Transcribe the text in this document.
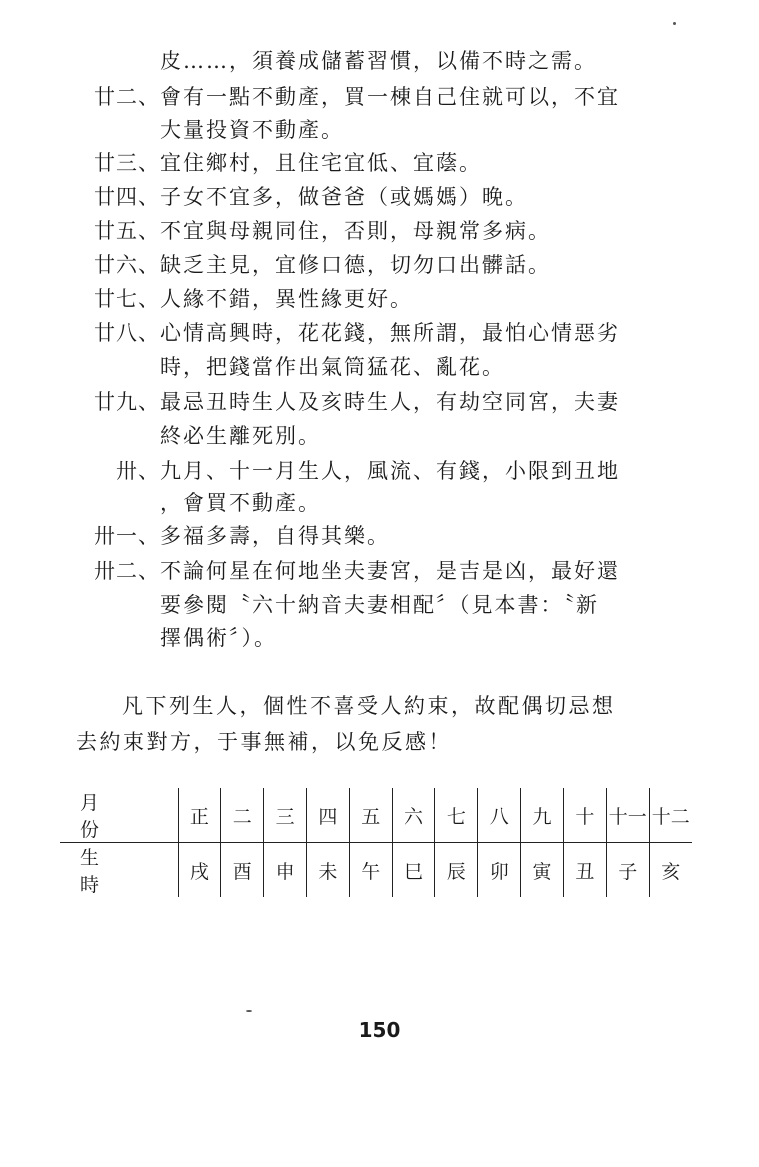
皮……，須養成儲蓄習慣，以備不時之需。
廿二、 會有一點不動產，買一棟自己住就可以，不宜
大量投資不動產。
廿三、 宜住鄉村，且住宅宜低、宜蔭。
廿四、 子女不宜多，做爸爸（或媽媽）晚。
廿五、 不宜與母親同住，否則，母親常多病。
廿六、 缺乏主見，宜修口德，切勿口出髒話。
廿七、 人緣不錯，異性緣更好。
廿八、 心情高興時，花花錢，無所謂，最怕心情惡劣
時，把錢當作出氣筒猛花、亂花。
廿九、 最忌丑時生人及亥時生人，有劫空同宮，夫妻
終必生離死別。
卅、 九月、十一月生人，風流、有錢，小限到丑地
，會買不動產。
卅一、 多福多壽，自得其樂。
卅二、 不論何星在何地坐夫妻宮，是吉是凶，最好還
要參閱〝六十納音夫妻相配〞（見本書：〝新
擇偶術〞）。
凡下列生人，個性不喜受人約束，故配偶切忌想
去約束對方，于事無補，以免反感！
月份	正	二	三	四	五	六	七	八	九	十	十一	十二
生時	戌	酉	申	未	午	巳	辰	卯	寅	丑	子	亥
150
